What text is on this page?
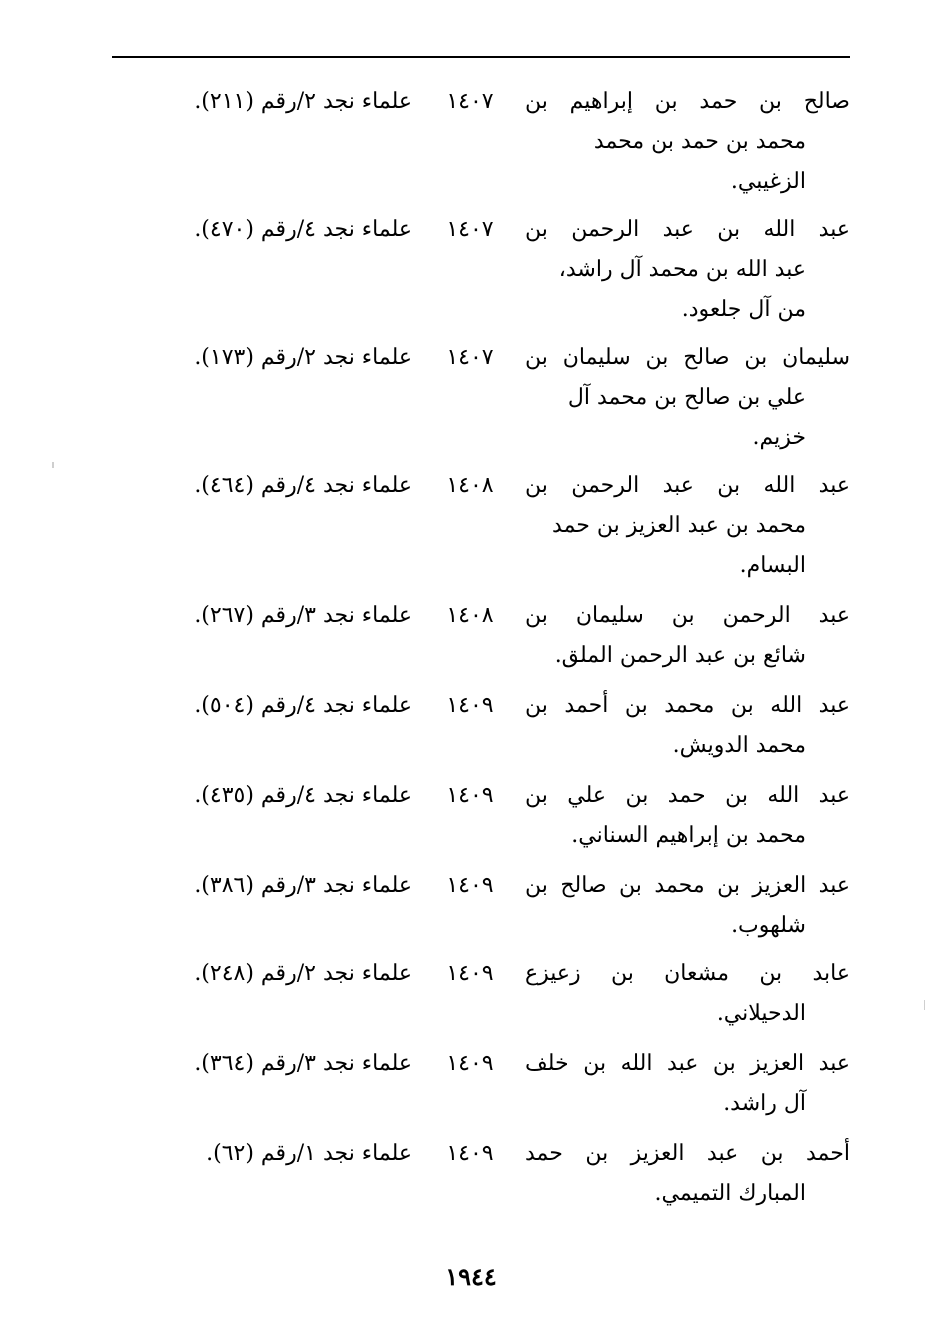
صالح بن حمد بن إبراهيم بن
محمد بن حمد بن محمد
الزغيبي.
١٤٠٧
علماء نجد ٢/رقم (٢١١).
عبد الله بن عبد الرحمن بن
عبد الله بن محمد آل راشد،
من آل جلعود.
١٤٠٧
علماء نجد ٤/رقم (٤٧٠).
سليمان بن صالح بن سليمان بن
علي بن صالح بن محمد آل
خزيم.
١٤٠٧
علماء نجد ٢/رقم (١٧٣).
عبد الله بن عبد الرحمن بن
محمد بن عبد العزيز بن حمد
البسام.
١٤٠٨
علماء نجد ٤/رقم (٤٦٤).
عبد الرحمن بن سليمان بن
شائع بن عبد الرحمن الملق.
١٤٠٨
علماء نجد ٣/رقم (٢٦٧).
عبد الله بن محمد بن أحمد بن
محمد الدويش.
١٤٠٩
علماء نجد ٤/رقم (٥٠٤).
عبد الله بن حمد بن علي بن
محمد بن إبراهيم السناني.
١٤٠٩
علماء نجد ٤/رقم (٤٣٥).
عبد العزيز بن محمد بن صالح بن
شلهوب.
١٤٠٩
علماء نجد ٣/رقم (٣٨٦).
عابد بن مشعان بن زعيزع
الدحيلاني.
١٤٠٩
علماء نجد ٢/رقم (٢٤٨).
عبد العزيز بن عبد الله بن خلف
آل راشد.
١٤٠٩
علماء نجد ٣/رقم (٣٦٤).
أحمد بن عبد العزيز بن حمد
المبارك التميمي.
١٤٠٩
علماء نجد ١/رقم (٦٢).
١٩٤٤
